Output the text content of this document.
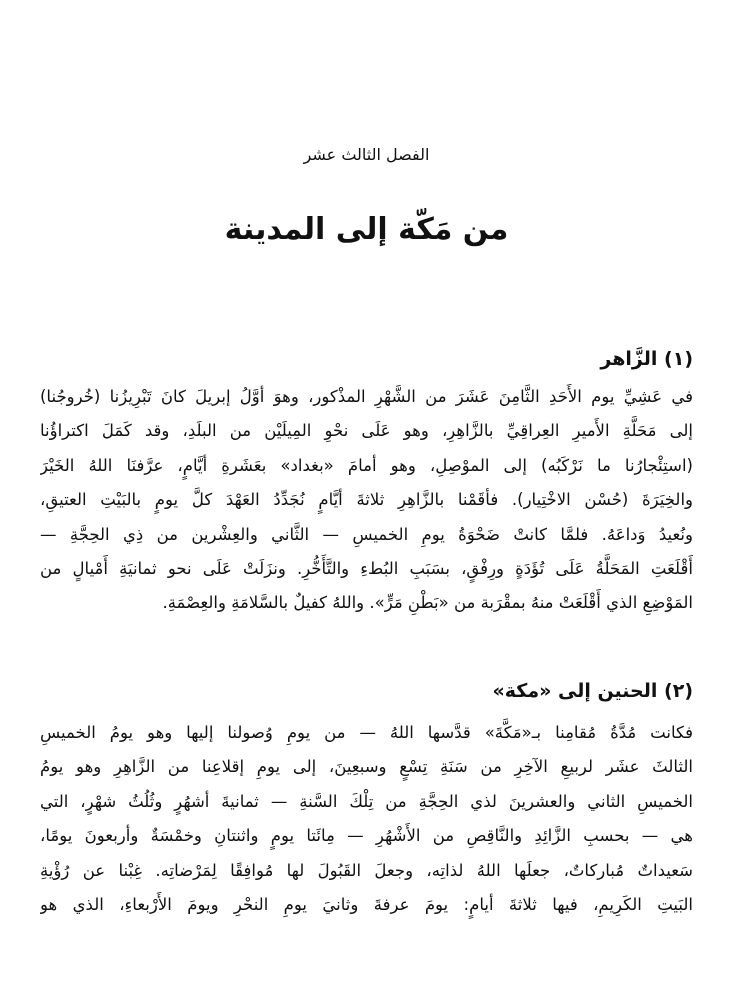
الفصل الثالث عشر
من مَكّة إلى المدينة
(١) الزَّاهر
في عَشِيِّ يوم الأَحَدِ الثَّامِنَ عَشَرَ من الشَّهْرِ المذْكور، وهوَ أوَّلُ إبريلَ كانَ تَبْرِيزُنا (خُروجُنا)
إلى مَحَلَّةِ الأَميرِ العِراقِيِّ بالزَّاهِرِ، وهو عَلَى نحْوِ المِيلَيْن من البلَدِ، وقد كَمَلَ اكتراؤُنا
(استِئْجارُنا ما نَرْكَبُه) إلى الموْصِلِ، وهو أمامَ «بغداد» بعَشَرةِ أيَّامٍ، عرَّفنَا اللهُ الخَيْرَ
والخِيَرَةَ (حُسْن الاخْتِيار). فأقَمْنا بالزَّاهِرِ ثلاثةَ أيَّامٍ نُجَدِّدُ العَهْدَ كلَّ يومٍ بالبَيْتِ العتيقِ،
ونُعيدُ وَداعَهُ. فلمَّا كانتْ ضَحْوَةُ يومِ الخميسِ — الثَّاني والعِشْرين من ذِي الحِجَّةِ —
أَقْلَعَتِ المَحَلَّةُ عَلَى تُؤَدَةٍ ورِفْقٍ، بسَبَبِ البُطءِ والتَّأَخُّرِ. ونزَلَتْ عَلَى نحو ثمانيَةِ أَمْيالٍ من
المَوْضِعِ الذي أَقْلَعَتْ منهُ بمقْرَبة من «بَطْنِ مَرٍّ». واللهُ كفيلٌ بالسَّلامَةِ والعِصْمَةِ.
(٢) الحنين إلى «مكة»
فكانت مُدَّةُ مُقامِنا بـ«مَكَّةَ» قدَّسها اللهُ — من يومِ وُصولنا إليها وهو يومُ الخميسِ
الثالثَ عشَر لربيعِ الآخِرِ من سَنَةِ تِسْعٍ وسبعِينَ، إلى يومِ إقلاعِنا من الزَّاهِرِ وهو يومُ
الخميسِ الثاني والعشرينَ لذي الحِجَّةِ من تِلْكَ السَّنةِ — ثمانيةَ أشهُرٍ وثُلُثُ شهْرٍ، التي
هي — بحسبِ الزَّائِدِ والنَّاقِصِ من الأَشْهُرِ — مِائَتا يومٍ واثنتانِ وخمْسَةٌ وأربعونَ يومًا،
سَعيداتٌ مُباركاتٌ، جعلَها اللهُ لذاتِه، وجعلَ القَبُولَ لها مُوافِقًا لِمَرْضاتِه. غِبْنا عن رُؤْيةِ
البَيتِ الكَرِيمِ، فيها ثلاثةَ أيامٍ: يومَ عرفةَ وثانيَ يومِ النحْرِ ويومَ الأَرْبعاءِ، الذي هو
